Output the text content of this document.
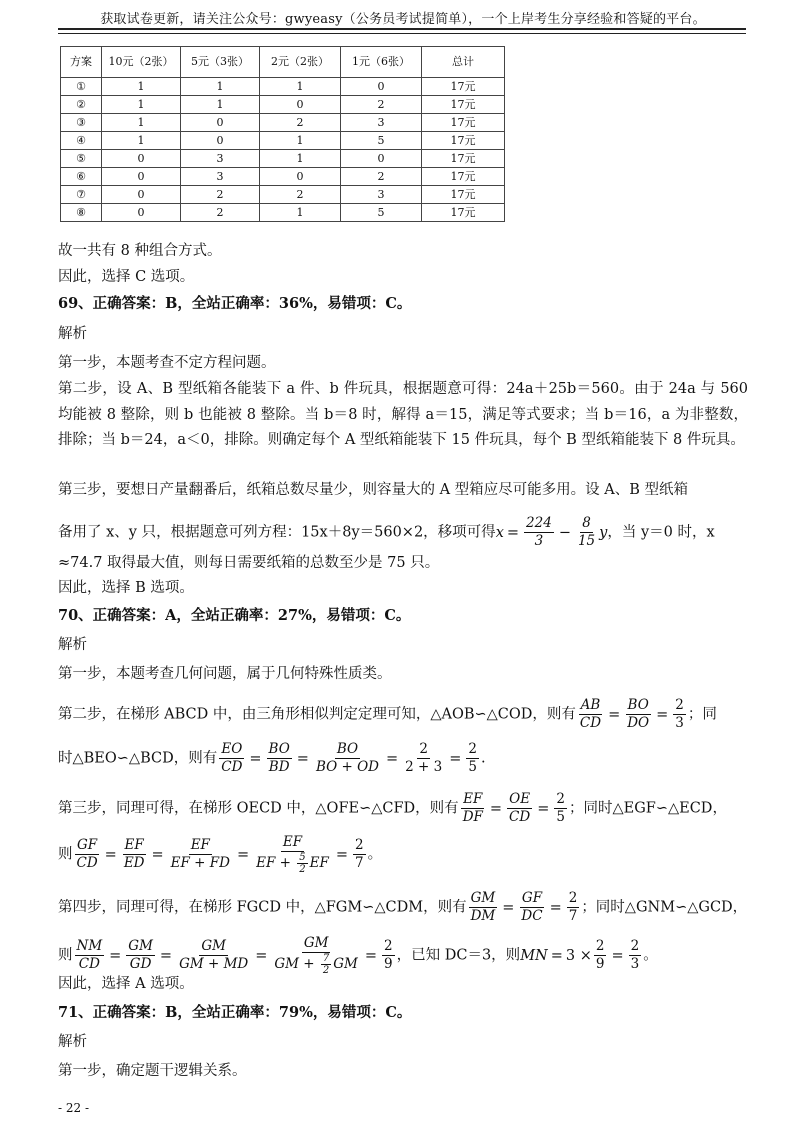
获取试卷更新，请关注公众号：gwyeasy（公务员考试提简单），一个上岸考生分享经验和答疑的平台。
方案	10元（2张）	5元（3张）	2元（2张）	1元（6张）	总计
①	1	1	1	0	17元
②	1	1	0	2	17元
③	1	0	2	3	17元
④	1	0	1	5	17元
⑤	0	3	1	0	17元
⑥	0	3	0	2	17元
⑦	0	2	2	3	17元
⑧	0	2	1	5	17元
故一共有 8 种组合方式。
因此，选择 C 选项。
69、正确答案：B，全站正确率：36%，易错项：C。
解析
第一步，本题考查不定方程问题。
第二步，设 A、B 型纸箱各能装下 a 件、b 件玩具，根据题意可得：24a＋25b＝560。由于 24a 与 560 均能被 8 整除，则 b 也能被 8 整除。当 b＝8 时，解得 a＝15，满足等式要求；当 b＝16，a 为非整数，排除；当 b＝24，a＜0，排除。则确定每个 A 型纸箱能装下 15 件玩具，每个 B 型纸箱能装下 8 件玩具。
第三步，要想日产量翻番后，纸箱总数尽量少，则容量大的 A 型箱应尽可能多用。设 A、B 型纸箱
备用了 x、y 只，根据题意可列方程：15x＋8y＝560×2，移项可得$x = \frac{224}{3} - \frac{8}{15}$ y，当 y＝0 时，x
≈74.7 取得最大值，则每日需要纸箱的总数至少是 75 只。
因此，选择 B 选项。
70、正确答案：A，全站正确率：27%，易错项：C。
解析
第一步，本题考查几何问题，属于几何特殊性质类。
第二步，在梯形 ABCD 中，由三角形相似判定定理可知，△AOB∽△COD，则有 $\frac{AB}{CD} = \frac{BO}{DO} = \frac{2}{3}$ ；同
时△BEO∽△BCD，则有 $\frac{EO}{CD} = \frac{BO}{BD} = \frac{BO}{BO + OD} = \frac{2}{2 + 3} = \frac{2}{5}$ .
第三步，同理可得，在梯形 OECD 中，△OFE∽△CFD，则有 $\frac{EF}{DF} = \frac{OE}{CD} = \frac{2}{5}$ ；同时△EGF∽△ECD，
则 $\frac{GF}{CD} = \frac{EF}{ED} = \frac{EF}{EF + FD} = \frac{EF}{EF + \frac{5}{2} EF} = \frac{2}{7}$ 。
第四步，同理可得，在梯形 FGCD 中，△FGM∽△CDM，则有 $\frac{GM}{DM} = \frac{GF}{DC} = \frac{2}{7}$ ；同时△GNM∽△GCD，
则 $\frac{NM}{CD} = \frac{GM}{GD} = \frac{GM}{GM + MD} = \frac{GM}{GM + \frac{7}{2} GM} = \frac{2}{9}$ ，已知 DC＝3，则MN = $3 \times \frac{2}{9} = \frac{2}{3}$ 。
因此，选择 A 选项。
71、正确答案：B，全站正确率：79%，易错项：C。
解析
第一步，确定题干逻辑关系。
- 22 -
